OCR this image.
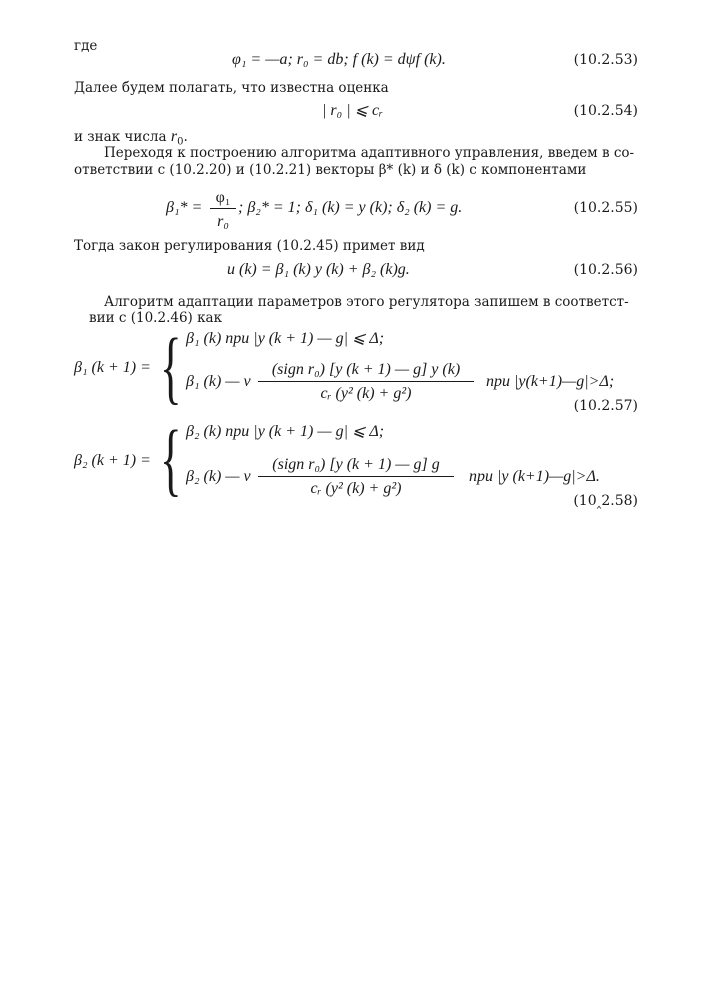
где
φ₁ = —a; r₀ = db; f (k) = dψf (k).	(10.2.53)
Далее будем полагать, что известна оценка
| r₀ | ⩽ cᵣ	(10.2.54)
и знак числа $r_0$.
Переходя к построению алгоритма адаптивного управления, введем в со-
ответствии с (10.2.20) и (10.2.21) векторы β* (k) и δ (k) с компонентами
β₁* =
φ₁
r₀
; β₂* = 1; δ₁ (k) = y (k); δ₂ (k) = g.	(10.2.55)
Тогда закон регулирования (10.2.45) примет вид
u (k) = β₁ (k) y (k) + β₂ (k)g.	(10.2.56)
Алгоритм адаптации параметров этого регулятора запишем в соответст-
вии с (10.2.46) как
β₁ (k + 1) = { β₁ (k) при |y (k + 1) — g| ⩽ Δ;
β₁ (k) — ν
(sign r₀) [y (k + 1) — g] y (k)
cᵣ (y² (k) + g²)
при |y(k+1)—g|>Δ;
(10.2.57)
β₂ (k + 1) = { β₂ (k) при |y (k + 1) — g| ⩽ Δ;
β₂ (k) — ν
(sign r₀) [y (k + 1) — g] g
cᵣ (y² (k) + g²)
при |y (k+1)—g|>Δ.
(10‸2.58)
